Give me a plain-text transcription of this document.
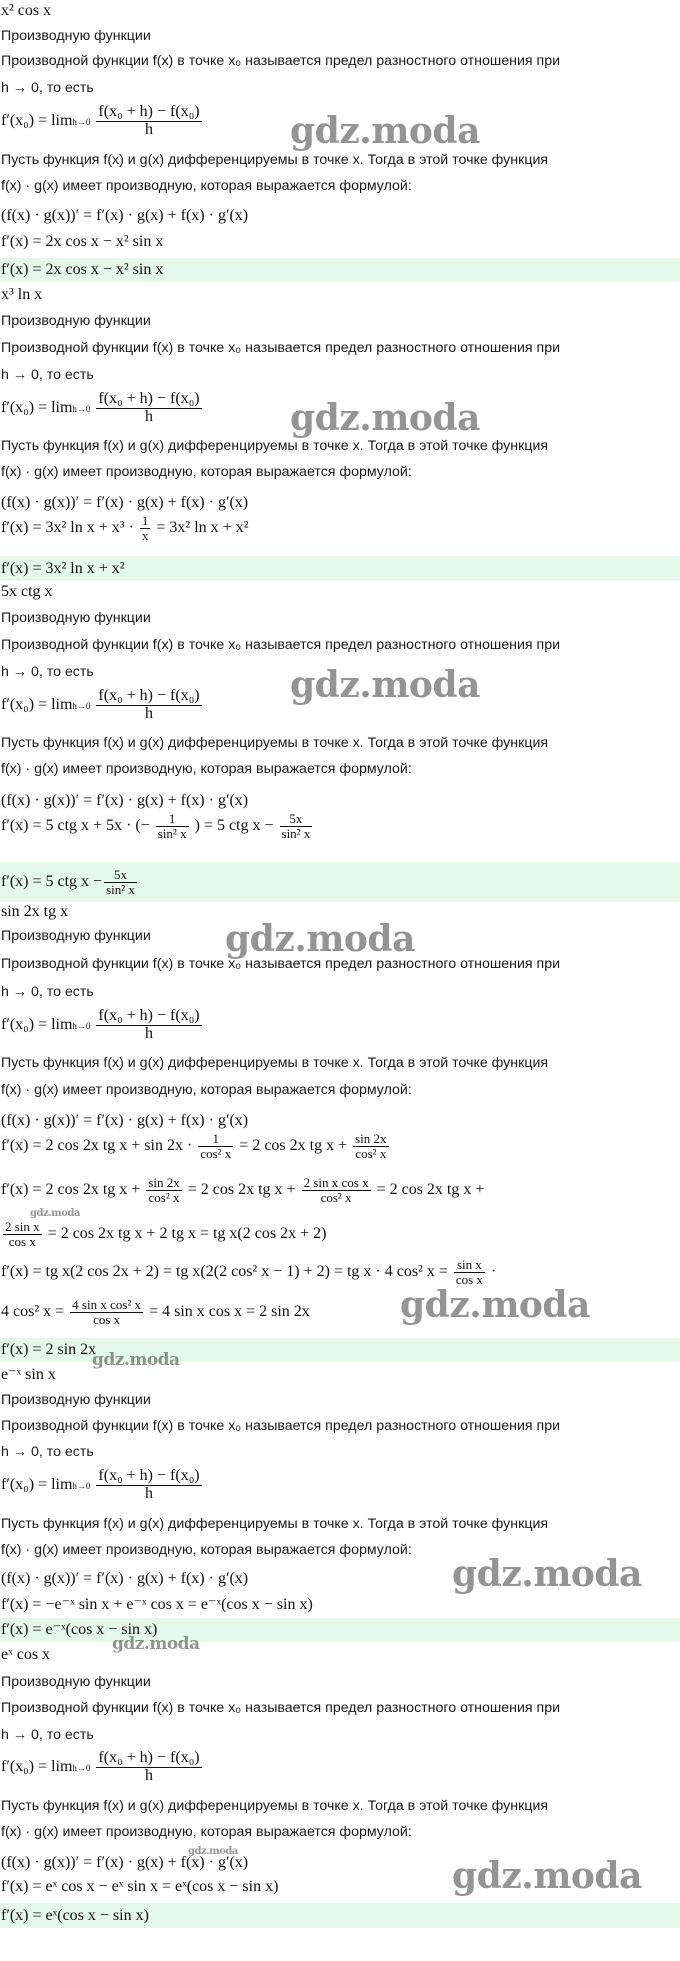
x² cos x
Производную функции
Производной функции f(x) в точке x₀ называется предел разностного отношения при
h → 0, то есть
$f'(x_0) = \lim h\to 0 \frac{\text{f(x₀ + h) − f(x₀)}}{h}$
Пусть функция f(x) и g(x) дифференцируемы в точке x. Тогда в этой точке функция
f(x) · g(x) имеет производную, которая выражается формулой:
(f(x) · g(x))′ = f′(x) · g(x) + f(x) · g′(x)
f′(x) = 2x cos x − x² sin x
f′(x) = 2x cos x − x² sin x
x³ ln x
Производную функции
Производной функции f(x) в точке x₀ называется предел разностного отношения при
h → 0, то есть
$f'(x_0) = \lim h\to 0 \frac{\text{f(x₀ + h) − f(x₀)}}{h}$
Пусть функция f(x) и g(x) дифференцируемы в точке x. Тогда в этой точке функция
f(x) · g(x) имеет производную, которая выражается формулой:
(f(x) · g(x))′ = f′(x) · g(x) + f(x) · g′(x)
f′(x) = 3x² $\ln x + x^3 \cdot \frac{1}{x} = 3x^2$ ln x + x²
f′(x) = 3x² ln x + x²
5x ctg x
Производную функции
Производной функции f(x) в точке x₀ называется предел разностного отношения при
h → 0, то есть
$f'(x_0) = \lim h\to 0 \frac{\text{f(x₀ + h) − f(x₀)}}{h}$
Пусть функция f(x) и g(x) дифференцируемы в точке x. Тогда в этой точке функция
f(x) · g(x) имеет производную, которая выражается формулой:
(f(x) · g(x))′ = f′(x) · g(x) + f(x) · g′(x)
f′(x) = 5 ctg x + 5x · (− $\frac{1}{\text{sin² x}}$ ) = 5 ctg $x - \frac{5x}{\text{sin² x}}$
f′(x) = 5 ctg $x - \frac{5x}{\text{sin² x}}$
sin 2x tg x
Производную функции
Производной функции f(x) в точке x₀ называется предел разностного отношения при
h → 0, то есть
$f'(x_0) = \lim h\to 0 \frac{\text{f(x₀ + h) − f(x₀)}}{h}$
Пусть функция f(x) и g(x) дифференцируемы в точке x. Тогда в этой точке функция
f(x) · g(x) имеет производную, которая выражается формулой:
(f(x) · g(x))′ = f′(x) · g(x) + f(x) · g′(x)
f′(x) = 2 cos 2x tg $x + \sin 2x \cdot \frac{1}{\text{cos² x}} = 2$ cos 2x tg $x + \frac{\sin 2x}{\text{cos² x}}$
f′(x) = 2 cos 2x tg $x + \frac{\sin 2x}{\text{cos² x}} = 2$ cos 2x tg $x + \frac{\text{2 sin x cos x}}{\text{cos² x}} = 2$ cos 2x tg x +
$\frac{\text{2 sin x}}{\text{cos x}} = 2$ cos 2x tg x + 2 tg x = tg x(2 cos 2x + 2)
f′(x) = tg x(2 cos 2x + 2) = tg x(2(2 cos² x − 1) + 2) = tg x · 4 cos² $x = \frac{\text{sin x}}{\text{cos x}}$ ·
4 cos² $x = \frac{\text{4 sin x cos² x}}{\text{cos x}} = 4$ sin x cos x = 2 sin 2x
f′(x) = 2 sin 2x
e⁻ˣ sin x
Производную функции
Производной функции f(x) в точке x₀ называется предел разностного отношения при
h → 0, то есть
$f'(x_0) = \lim h\to 0 \frac{\text{f(x₀ + h) − f(x₀)}}{h}$
Пусть функция f(x) и g(x) дифференцируемы в точке x. Тогда в этой точке функция
f(x) · g(x) имеет производную, которая выражается формулой:
(f(x) · g(x))′ = f′(x) · g(x) + f(x) · g′(x)
f′(x) = −e⁻ˣ sin x + e⁻ˣ cos x = e⁻ˣ(cos x − sin x)
f′(x) = e⁻ˣ(cos x − sin x)
eˣ cos x
Производную функции
Производной функции f(x) в точке x₀ называется предел разностного отношения при
h → 0, то есть
$f'(x_0) = \lim h\to 0 \frac{\text{f(x₀ + h) − f(x₀)}}{h}$
Пусть функция f(x) и g(x) дифференцируемы в точке x. Тогда в этой точке функция
f(x) · g(x) имеет производную, которая выражается формулой:
(f(x) · g(x))′ = f′(x) · g(x) + f(x) · g′(x)
f′(x) = eˣ cos x − eˣ sin x = eˣ(cos x − sin x)
f′(x) = eˣ(cos x − sin x)
gdz.moda
gdz.moda
gdz.moda
gdz.moda
gdz.moda
gdz.moda
gdz.moda
gdz.moda
gdz.moda
gdz.moda
gdz.moda
